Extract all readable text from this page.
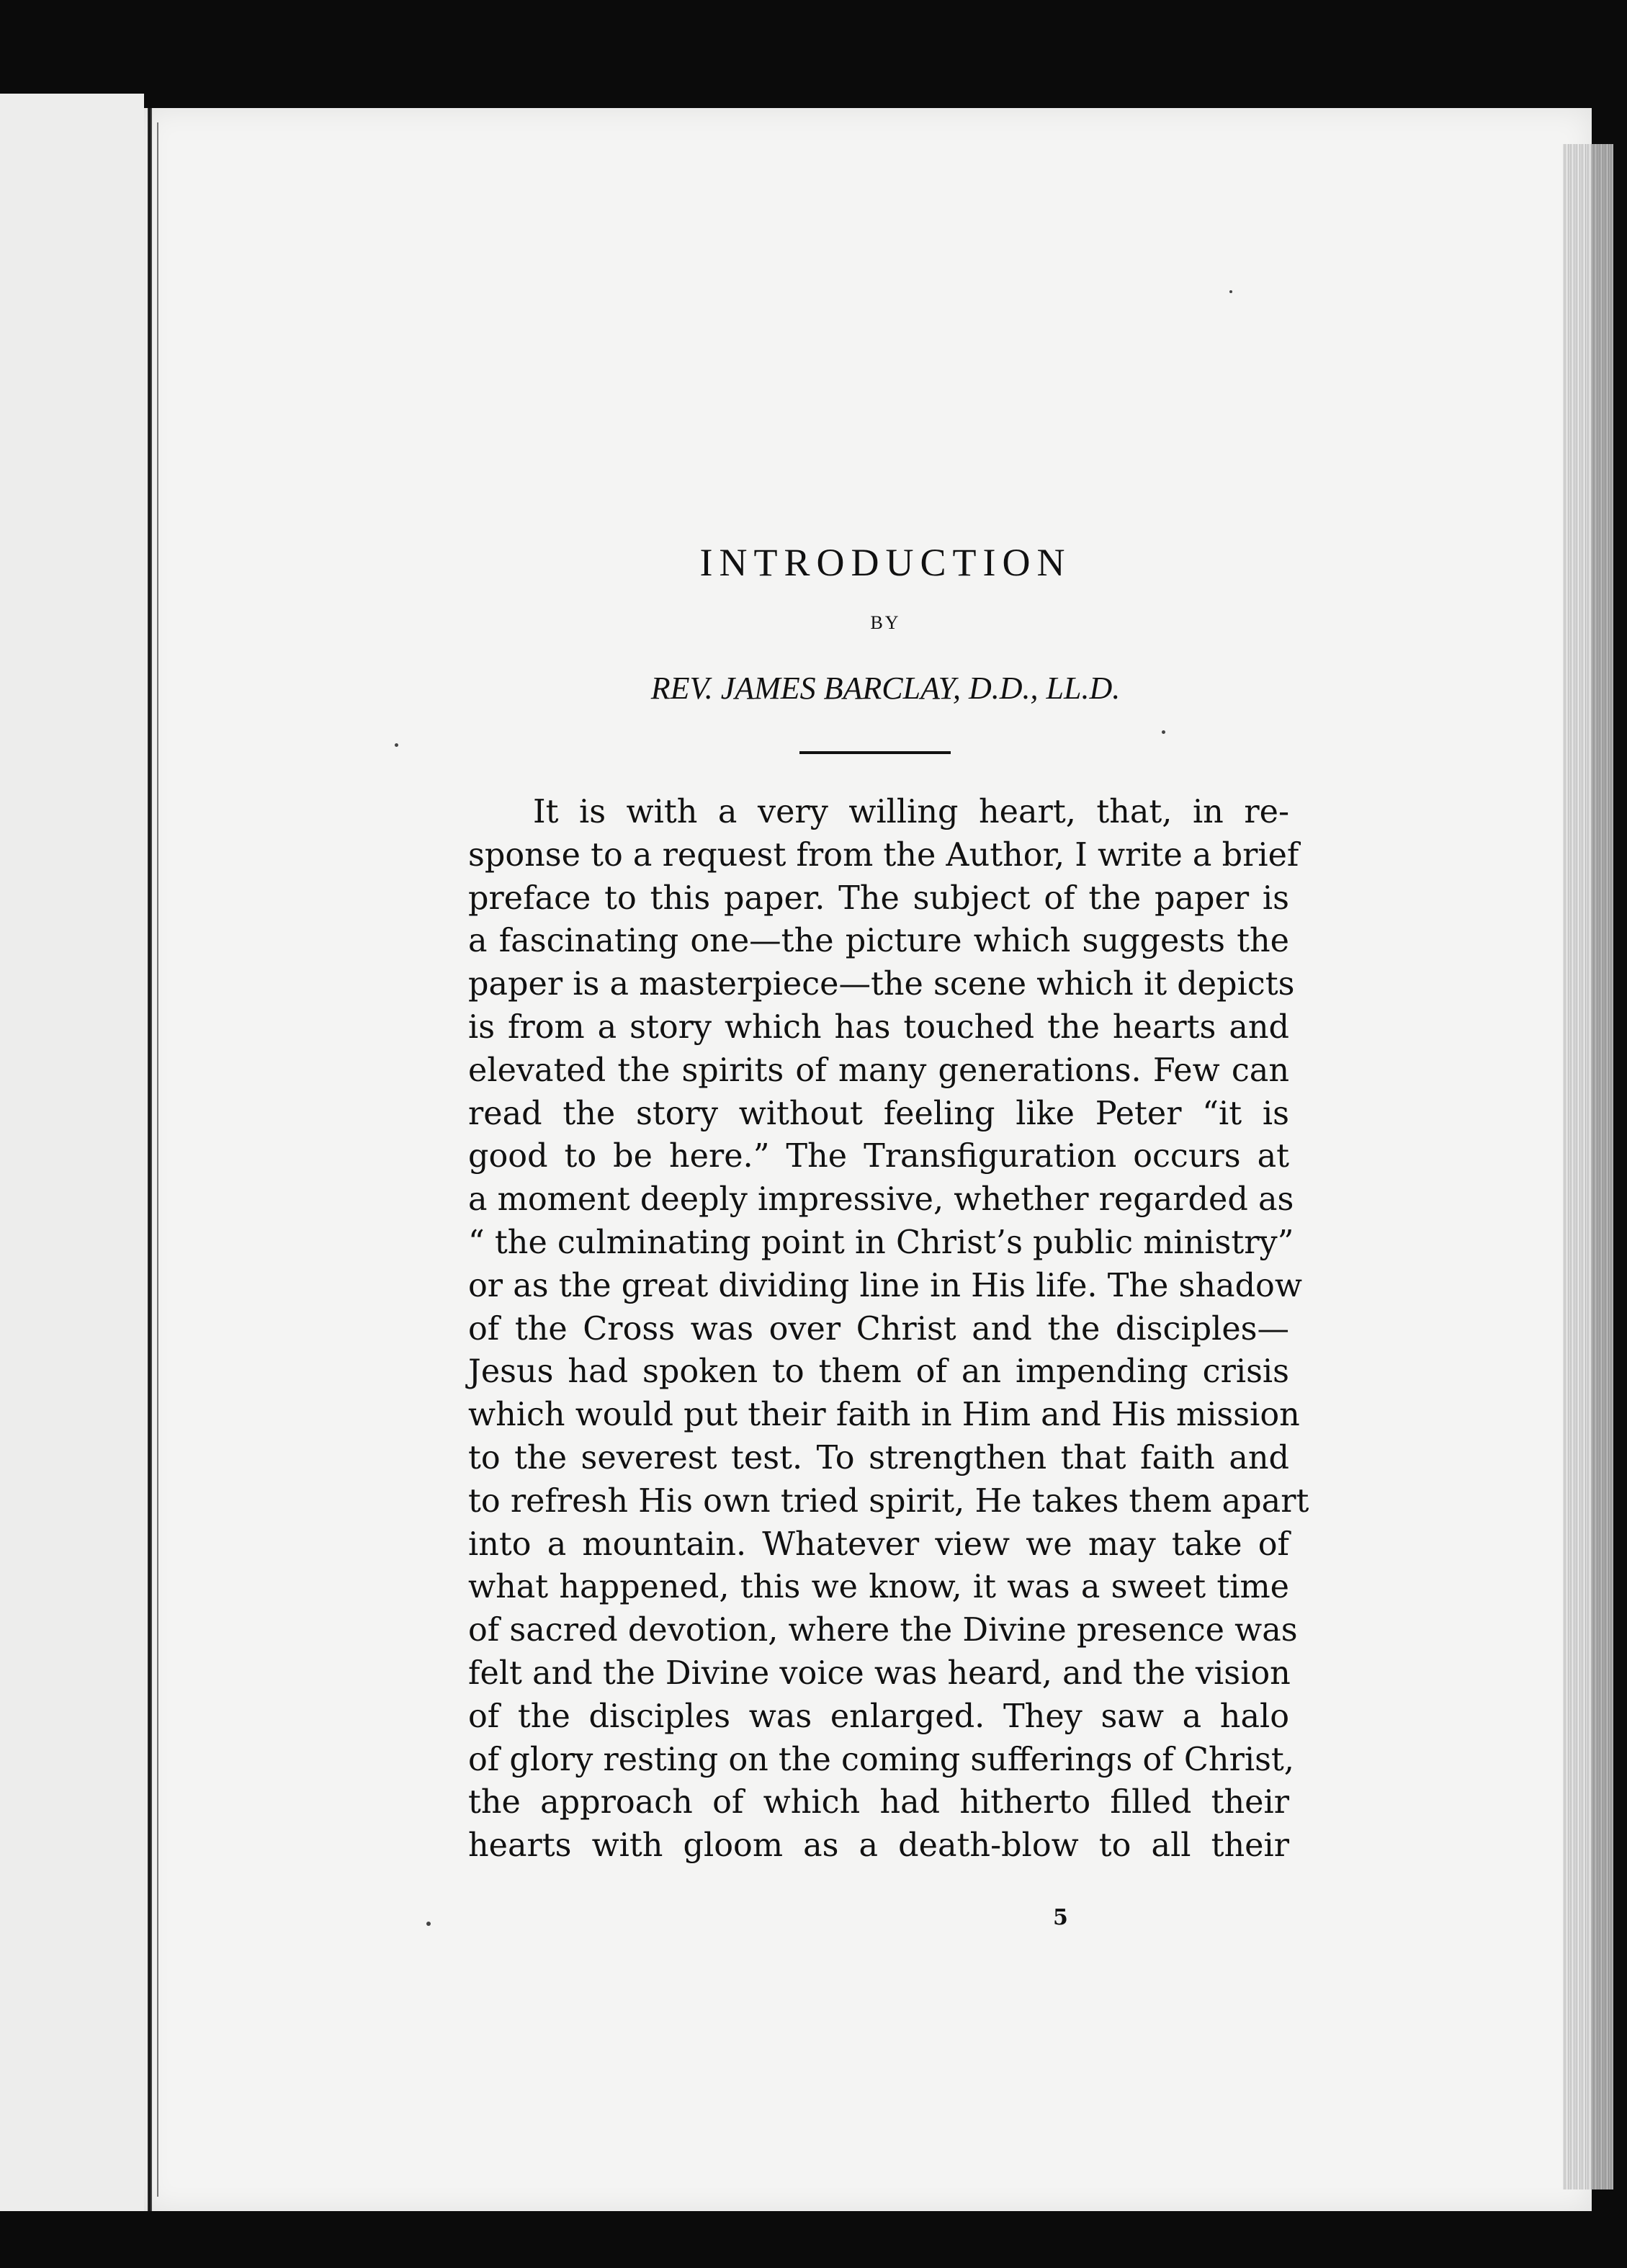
INTRODUCTION
BY
REV. JAMES BARCLAY, D.D., LL.D.
It is with a very willing heart, that, in re-
sponse to a request from the Author, I write a brief
preface to this paper. The subject of the paper is
a fascinating one—the picture which suggests the
paper is a masterpiece—the scene which it depicts
is from a story which has touched the hearts and
elevated the spirits of many generations. Few can
read the story without feeling like Peter “it is
good to be here.” The Transfiguration occurs at
a moment deeply impressive, whether regarded as
“ the culminating point in Christ’s public ministry”
or as the great dividing line in His life. The shadow
of the Cross was over Christ and the disciples—
Jesus had spoken to them of an impending crisis
which would put their faith in Him and His mission
to the severest test. To strengthen that faith and
to refresh His own tried spirit, He takes them apart
into a mountain. Whatever view we may take of
what happened, this we know, it was a sweet time
of sacred devotion, where the Divine presence was
felt and the Divine voice was heard, and the vision
of the disciples was enlarged. They saw a halo
of glory resting on the coming sufferings of Christ,
the approach of which had hitherto filled their
hearts with gloom as a death-blow to all their
5
